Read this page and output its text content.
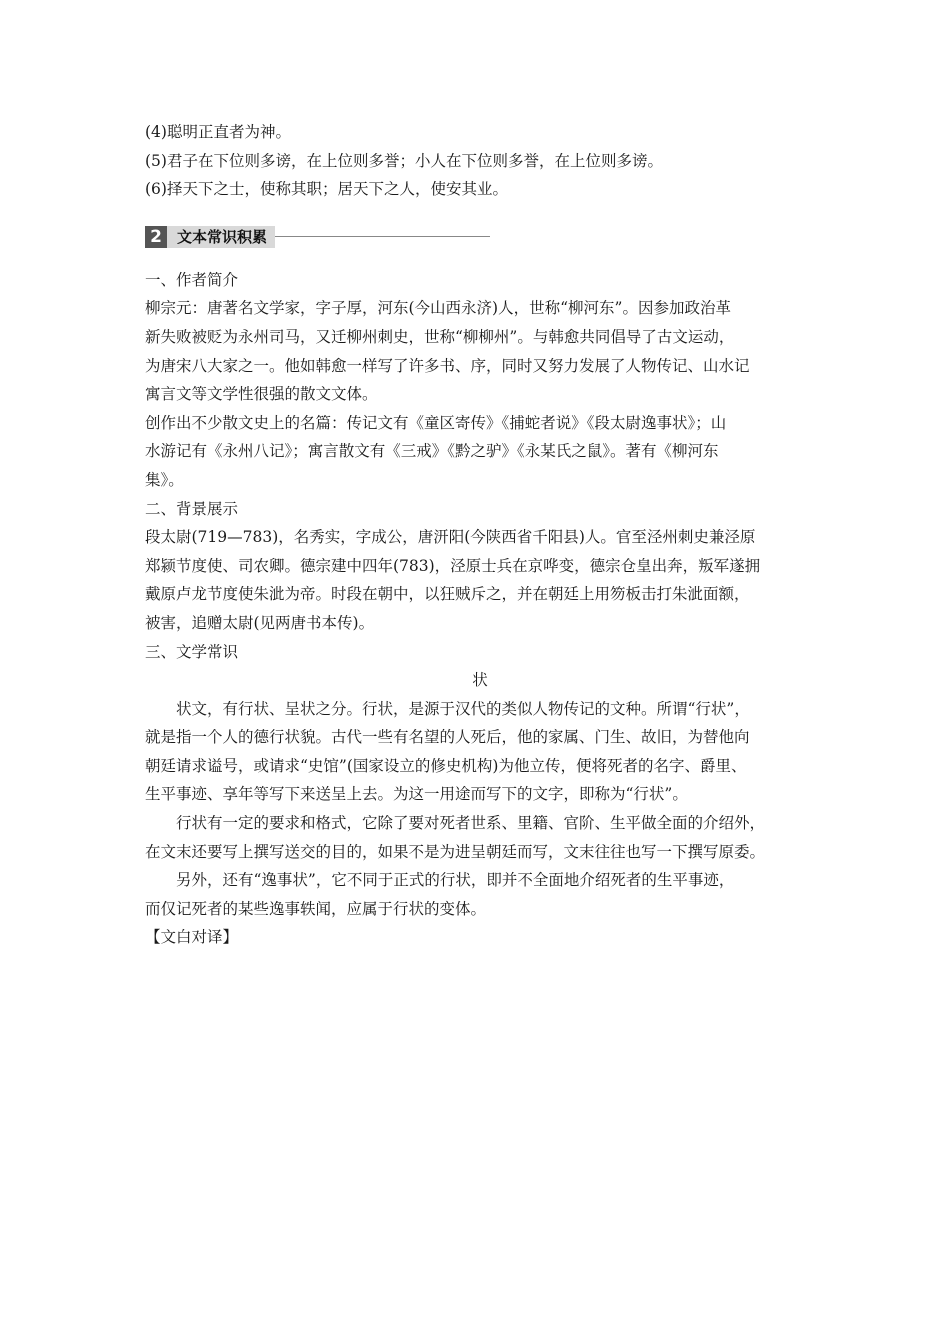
(4)聪明正直者为神。
(5)君子在下位则多谤，在上位则多誉；小人在下位则多誉，在上位则多谤。
(6)择天下之士，使称其职；居天下之人，使安其业。
2	文本常识积累
一、作者简介
柳宗元：唐著名文学家，字子厚，河东(今山西永济)人，世称“柳河东”。因参加政治革
新失败被贬为永州司马，又迁柳州刺史，世称“柳柳州”。与韩愈共同倡导了古文运动，
为唐宋八大家之一。他如韩愈一样写了许多书、序，同时又努力发展了人物传记、山水记
寓言文等文学性很强的散文文体。
创作出不少散文史上的名篇：传记文有《童区寄传》《捕蛇者说》《段太尉逸事状》；山
水游记有《永州八记》；寓言散文有《三戒》《黔之驴》《永某氏之鼠》。著有《柳河东
集》。
二、背景展示
段太尉(719—783)，名秀实，字成公，唐汧阳(今陕西省千阳县)人。官至泾州刺史兼泾原
郑颍节度使、司农卿。德宗建中四年(783)，泾原士兵在京哗变，德宗仓皇出奔，叛军遂拥
戴原卢龙节度使朱泚为帝。时段在朝中，以狂贼斥之，并在朝廷上用笏板击打朱泚面额，
被害，追赠太尉(见两唐书本传)。
三、文学常识
状
状文，有行状、呈状之分。行状，是源于汉代的类似人物传记的文种。所谓“行状”，
就是指一个人的德行状貌。古代一些有名望的人死后，他的家属、门生、故旧，为替他向
朝廷请求谥号，或请求“史馆”(国家设立的修史机构)为他立传，便将死者的名字、爵里、
生平事迹、享年等写下来送呈上去。为这一用途而写下的文字，即称为“行状”。
行状有一定的要求和格式，它除了要对死者世系、里籍、官阶、生平做全面的介绍外，
在文末还要写上撰写送交的目的，如果不是为进呈朝廷而写，文末往往也写一下撰写原委。
另外，还有“逸事状”，它不同于正式的行状，即并不全面地介绍死者的生平事迹，
而仅记死者的某些逸事轶闻，应属于行状的变体。
【文白对译】
